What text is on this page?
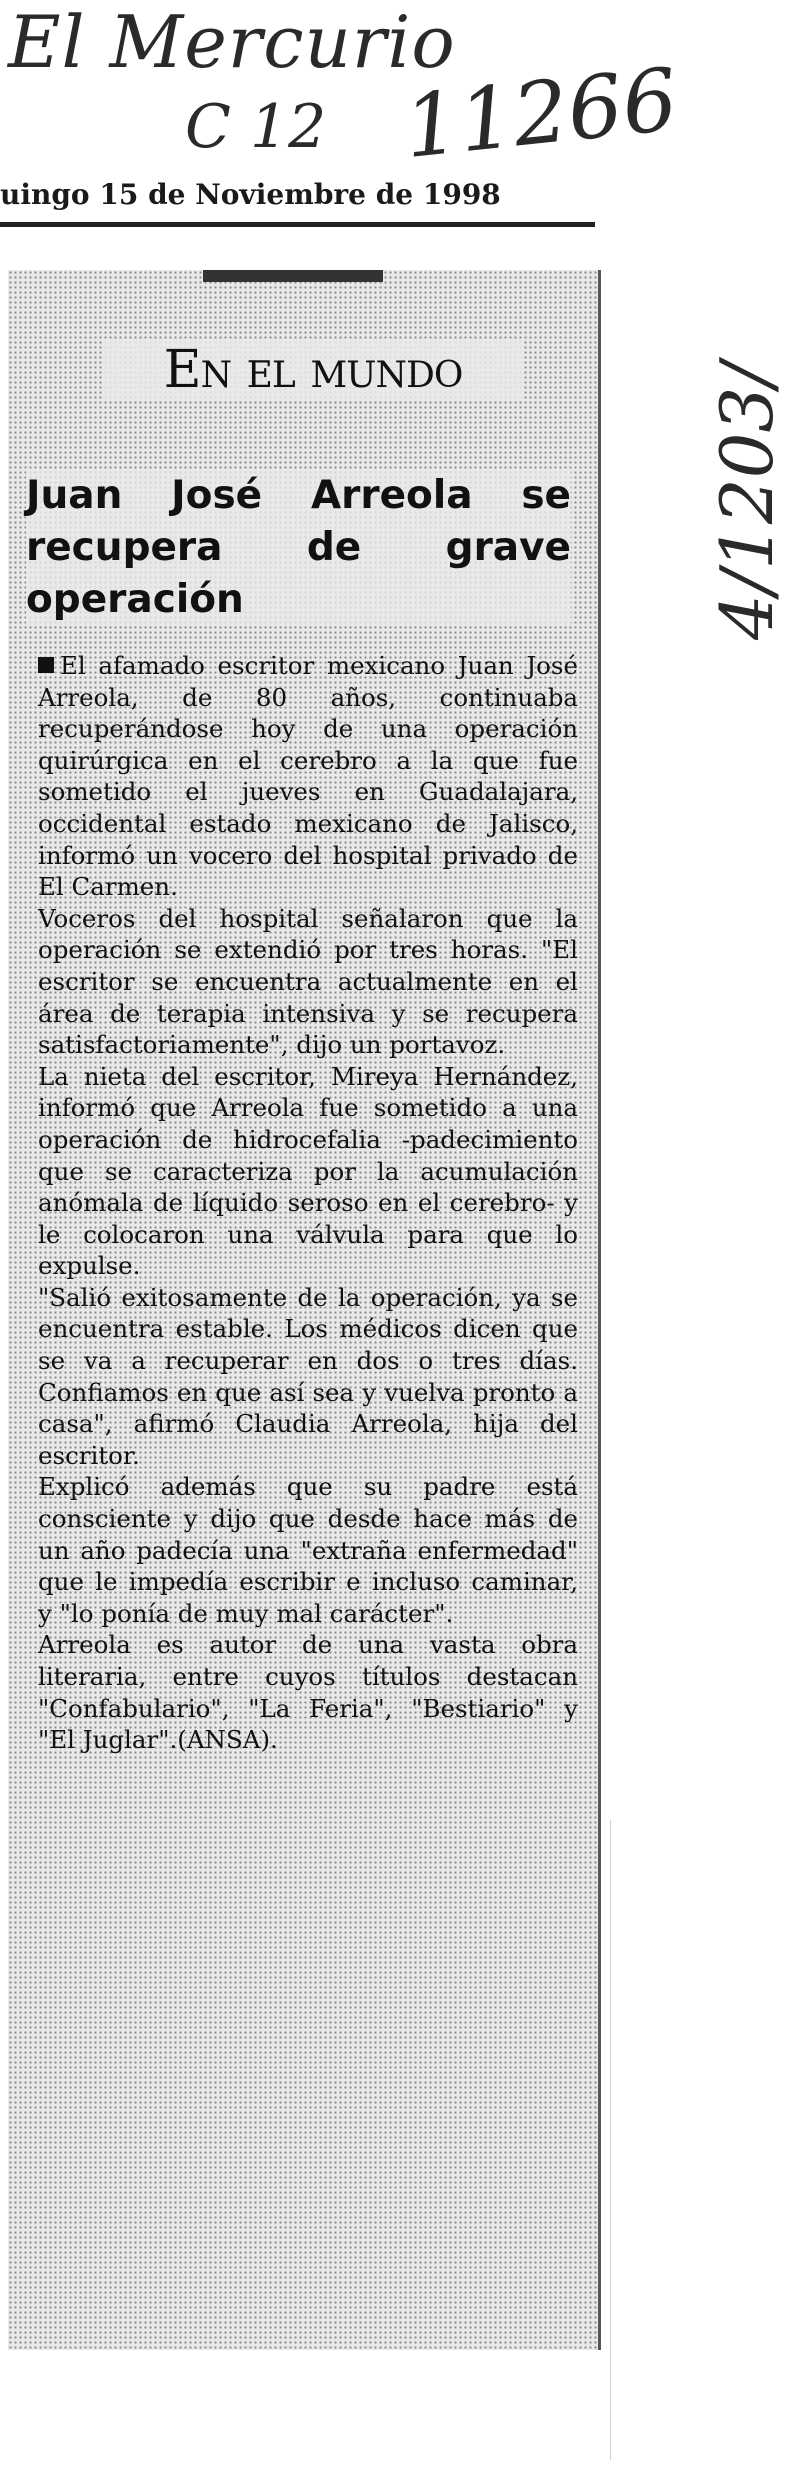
El Mercurio
C 12 11266
4/1203/
uingo 15 de Noviembre de 1998
En el mundo
Juan José Arreola se recupera de grave operación

El afamado escritor mexicano Juan José Arreola, de 80 años, continuaba recuperándose hoy de una operación quirúrgica en el cerebro a la que fue sometido el jueves en Guadalajara, occidental estado mexicano de Jalisco, informó un vocero del hospital privado de El Carmen.

Voceros del hospital señalaron que la operación se extendió por tres horas. "El escritor se encuentra actualmente en el área de terapia intensiva y se recupera satisfactoriamente", dijo un portavoz.

La nieta del escritor, Mireya Hernández, informó que Arreola fue sometido a una operación de hidrocefalia -padecimiento que se caracteriza por la acumulación anómala de líquido seroso en el cerebro- y le colocaron una válvula para que lo expulse.

"Salió exitosamente de la operación, ya se encuentra estable. Los médicos dicen que se va a recuperar en dos o tres días. Confiamos en que así sea y vuelva pronto a casa", afirmó Claudia Arreola, hija del escritor.

Explicó además que su padre está consciente y dijo que desde hace más de un año padecía una "extraña enfermedad" que le impedía escribir e incluso caminar, y "lo ponía de muy mal carácter".

Arreola es autor de una vasta obra literaria, entre cuyos títulos destacan "Confabulario", "La Feria", "Bestiario" y "El Juglar".(ANSA).
